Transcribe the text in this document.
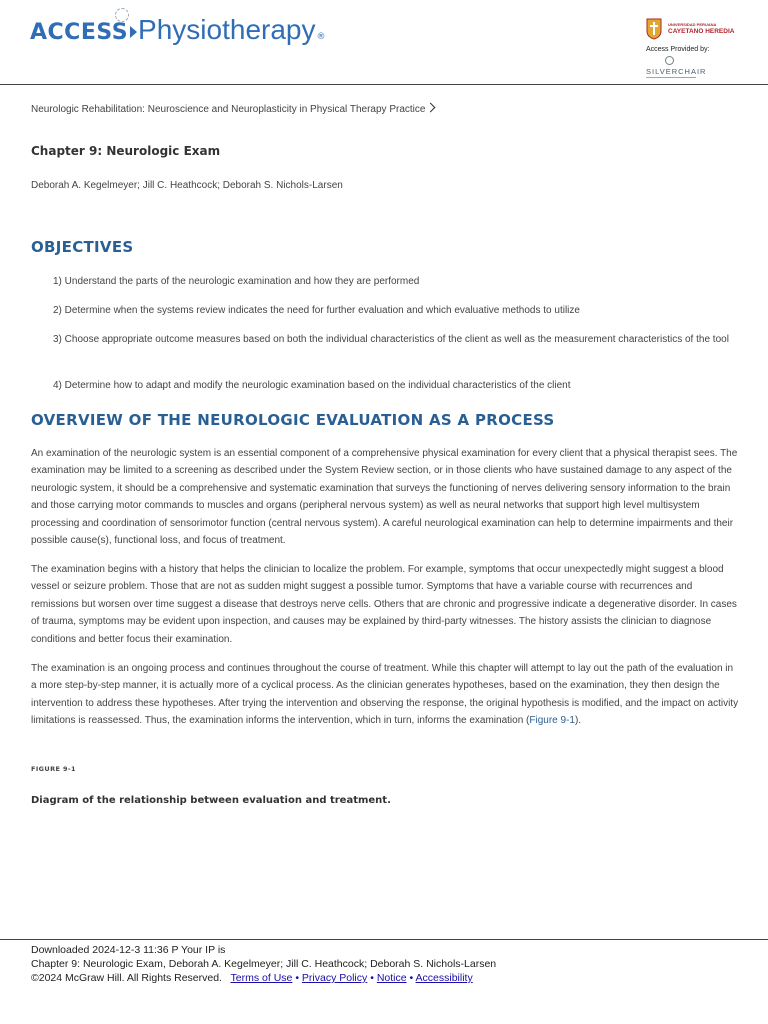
ACCESS Physiotherapy ®
UNIVERSIDAD PERUANA
CAYETANO HEREDIA
Access Provided by:
SILVERCHAIR
Neurologic Rehabilitation: Neuroscience and Neuroplasticity in Physical Therapy Practice
Chapter 9: Neurologic Exam
Deborah A. Kegelmeyer; Jill C. Heathcock; Deborah S. Nichols-Larsen
OBJECTIVES
1) Understand the parts of the neurologic examination and how they are performed
2) Determine when the systems review indicates the need for further evaluation and which evaluative methods to utilize
3) Choose appropriate outcome measures based on both the individual characteristics of the client as well as the measurement characteristics of the tool
4) Determine how to adapt and modify the neurologic examination based on the individual characteristics of the client
OVERVIEW OF THE NEUROLOGIC EVALUATION AS A PROCESS
An examination of the neurologic system is an essential component of a comprehensive physical examination for every client that a physical therapist sees. The examination may be limited to a screening as described under the System Review section, or in those clients who have sustained damage to any aspect of the neurologic system, it should be a comprehensive and systematic examination that surveys the functioning of nerves delivering sensory information to the brain and those carrying motor commands to muscles and organs (peripheral nervous system) as well as neural networks that support high level multisystem processing and coordination of sensorimotor function (central nervous system). A careful neurological examination can help to determine impairments and their possible cause(s), functional loss, and focus of treatment.
The examination begins with a history that helps the clinician to localize the problem. For example, symptoms that occur unexpectedly might suggest a blood vessel or seizure problem. Those that are not as sudden might suggest a possible tumor. Symptoms that have a variable course with recurrences and remissions but worsen over time suggest a disease that destroys nerve cells. Others that are chronic and progressive indicate a degenerative disorder. In cases of trauma, symptoms may be evident upon inspection, and causes may be explained by third-party witnesses. The history assists the clinician to diagnose conditions and better focus their examination.
The examination is an ongoing process and continues throughout the course of treatment. While this chapter will attempt to lay out the path of the evaluation in a more step-by-step manner, it is actually more of a cyclical process. As the clinician generates hypotheses, based on the examination, they then design the intervention to address these hypotheses. After trying the intervention and observing the response, the original hypothesis is modified, and the impact on activity limitations is reassessed. Thus, the examination informs the intervention, which in turn, informs the examination (Figure 9-1).
FIGURE 9-1
Diagram of the relationship between evaluation and treatment.
Downloaded 2024-12-3 11:36 P Your IP is
Chapter 9: Neurologic Exam, Deborah A. Kegelmeyer; Jill C. Heathcock; Deborah S. Nichols-Larsen
©2024 McGraw Hill. All Rights Reserved. Terms of Use • Privacy Policy • Notice • Accessibility
